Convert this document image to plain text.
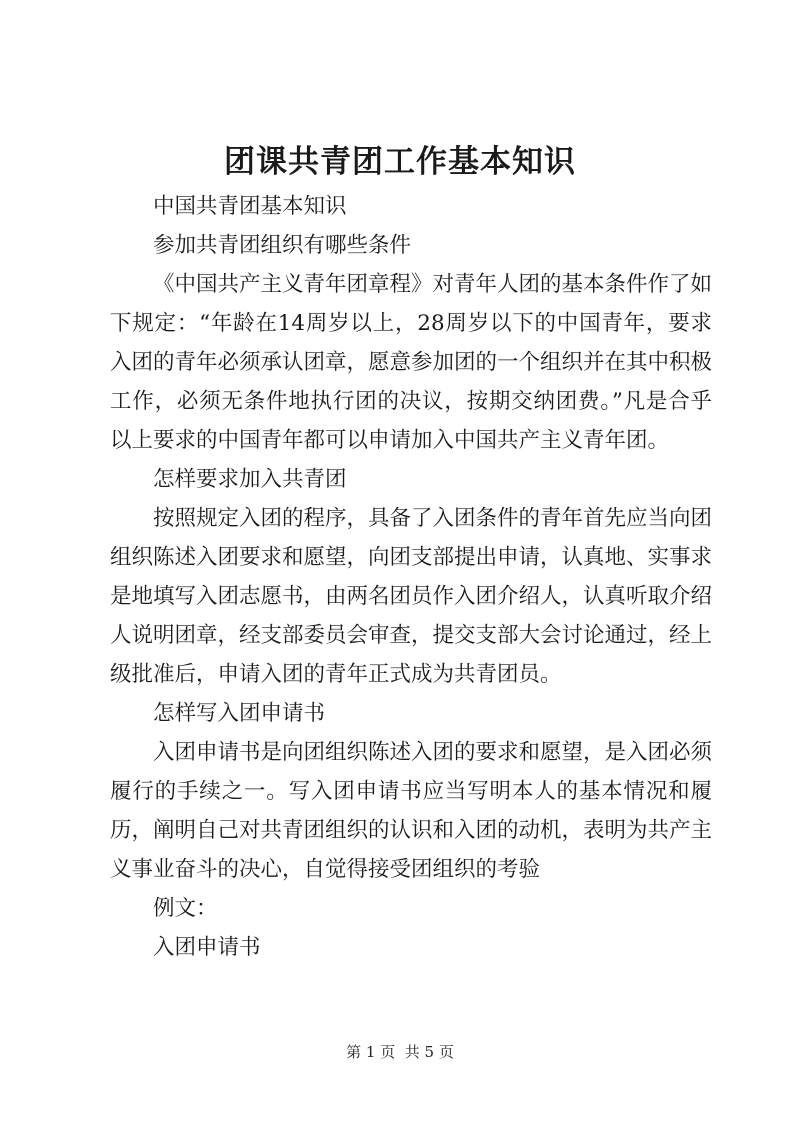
团课共青团工作基本知识

中国共青团基本知识

参加共青团组织有哪些条件

《中国共产主义青年团章程》对青年人团的基本条件作了如下规定：“年龄在14周岁以上，28周岁以下的中国青年，要求入团的青年必须承认团章，愿意参加团的一个组织并在其中积极工作，必须无条件地执行团的决议，按期交纳团费。”凡是合乎以上要求的中国青年都可以申请加入中国共产主义青年团。

怎样要求加入共青团

按照规定入团的程序，具备了入团条件的青年首先应当向团组织陈述入团要求和愿望，向团支部提出申请，认真地、实事求是地填写入团志愿书，由两名团员作入团介绍人，认真听取介绍人说明团章，经支部委员会审查，提交支部大会讨论通过，经上级批准后，申请入团的青年正式成为共青团员。

怎样写入团申请书

入团申请书是向团组织陈述入团的要求和愿望，是入团必须履行的手续之一。写入团申请书应当写明本人的基本情况和履历，阐明自己对共青团组织的认识和入团的动机，表明为共产主义事业奋斗的决心，自觉得接受团组织的考验

例文：

入团申请书

第 1 页  共 5 页
